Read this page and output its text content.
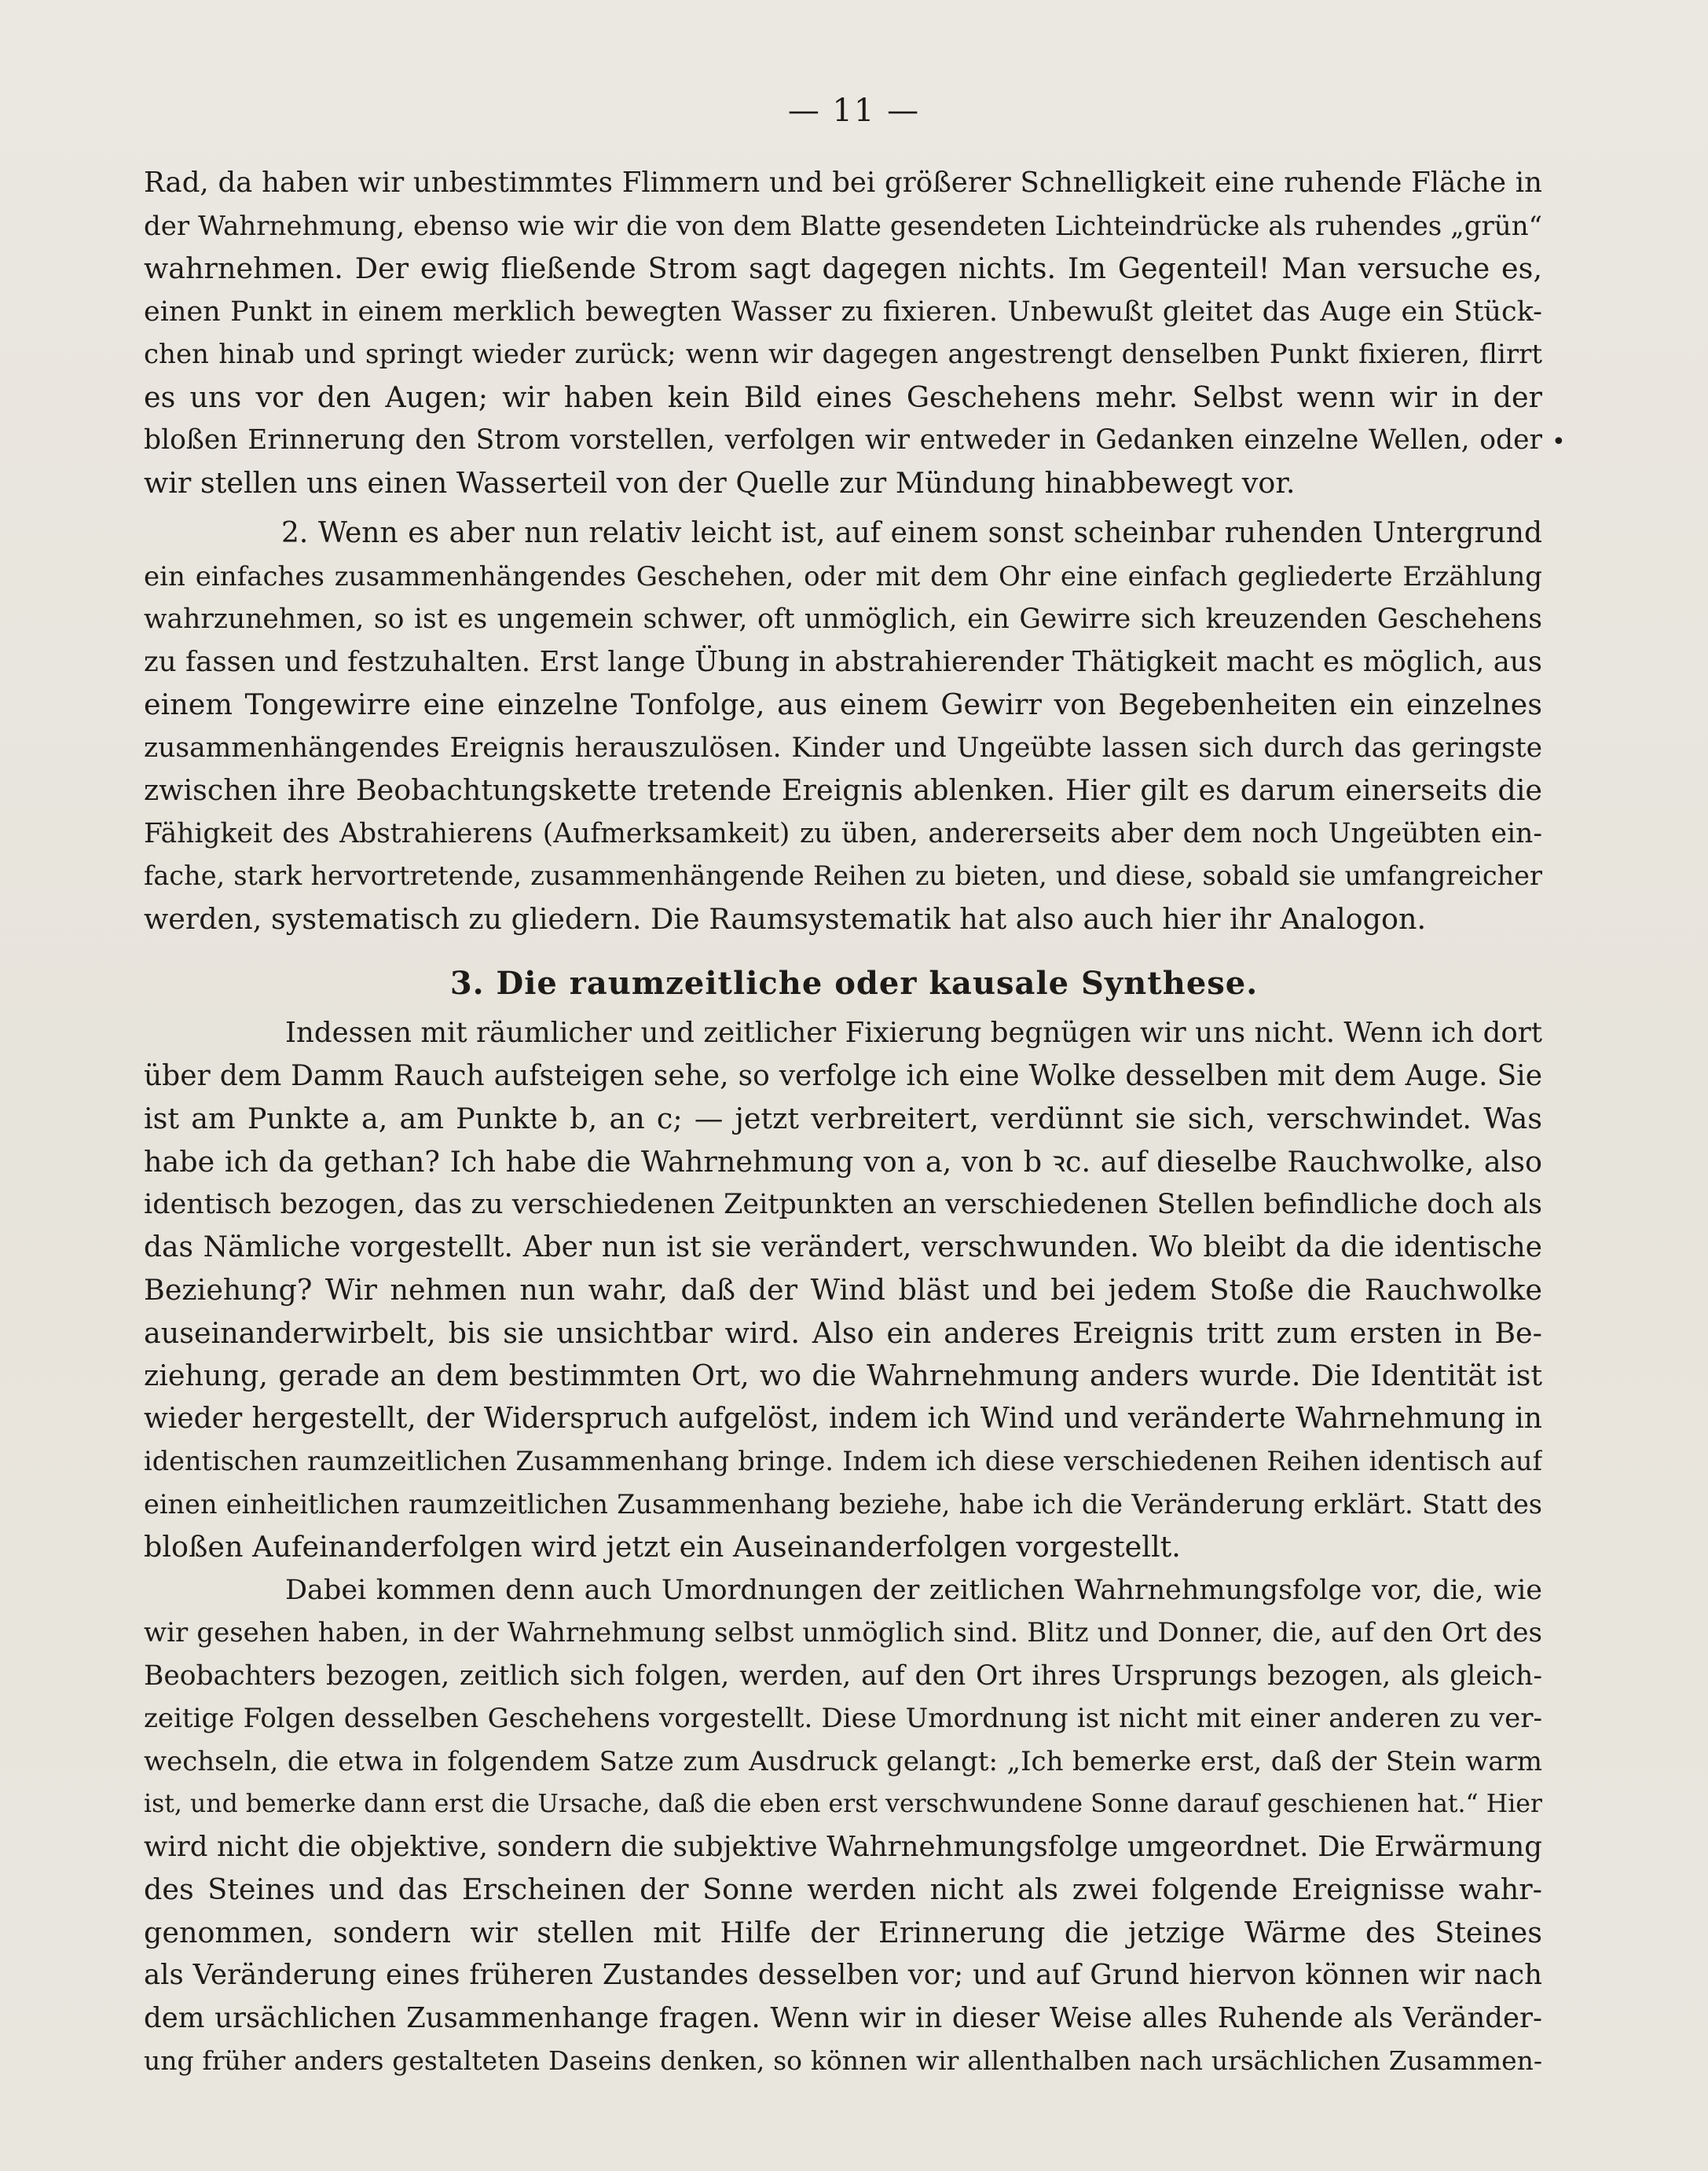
— 11 —
Rad, da haben wir unbestimmtes Flimmern und bei größerer Schnelligkeit eine ruhende Fläche in
der Wahrnehmung, ebenso wie wir die von dem Blatte gesendeten Lichteindrücke als ruhendes „grün“
wahrnehmen. Der ewig fließende Strom sagt dagegen nichts. Im Gegenteil! Man versuche es,
einen Punkt in einem merklich bewegten Wasser zu fixieren. Unbewußt gleitet das Auge ein Stück-
chen hinab und springt wieder zurück; wenn wir dagegen angestrengt denselben Punkt fixieren, flirrt
es uns vor den Augen; wir haben kein Bild eines Geschehens mehr. Selbst wenn wir in der
bloßen Erinnerung den Strom vorstellen, verfolgen wir entweder in Gedanken einzelne Wellen, oder
wir stellen uns einen Wasserteil von der Quelle zur Mündung hinabbewegt vor.
•
2. Wenn es aber nun relativ leicht ist, auf einem sonst scheinbar ruhenden Untergrund
ein einfaches zusammenhängendes Geschehen, oder mit dem Ohr eine einfach gegliederte Erzählung
wahrzunehmen, so ist es ungemein schwer, oft unmöglich, ein Gewirre sich kreuzenden Geschehens
zu fassen und festzuhalten. Erst lange Übung in abstrahierender Thätigkeit macht es möglich, aus
einem Tongewirre eine einzelne Tonfolge, aus einem Gewirr von Begebenheiten ein einzelnes
zusammenhängendes Ereignis herauszulösen. Kinder und Ungeübte lassen sich durch das geringste
zwischen ihre Beobachtungskette tretende Ereignis ablenken. Hier gilt es darum einerseits die
Fähigkeit des Abstrahierens (Aufmerksamkeit) zu üben, andererseits aber dem noch Ungeübten ein-
fache, stark hervortretende, zusammenhängende Reihen zu bieten, und diese, sobald sie umfangreicher
werden, systematisch zu gliedern. Die Raumsystematik hat also auch hier ihr Analogon.
3. Die raumzeitliche oder kausale Synthese.
Indessen mit räumlicher und zeitlicher Fixierung begnügen wir uns nicht. Wenn ich dort
über dem Damm Rauch aufsteigen sehe, so verfolge ich eine Wolke desselben mit dem Auge. Sie
ist am Punkte a, am Punkte b, an c; — jetzt verbreitert, verdünnt sie sich, verschwindet. Was
habe ich da gethan? Ich habe die Wahrnehmung von a, von b ꝛc. auf dieselbe Rauchwolke, also
identisch bezogen, das zu verschiedenen Zeitpunkten an verschiedenen Stellen befindliche doch als
das Nämliche vorgestellt. Aber nun ist sie verändert, verschwunden. Wo bleibt da die identische
Beziehung? Wir nehmen nun wahr, daß der Wind bläst und bei jedem Stoße die Rauchwolke
auseinanderwirbelt, bis sie unsichtbar wird. Also ein anderes Ereignis tritt zum ersten in Be-
ziehung, gerade an dem bestimmten Ort, wo die Wahrnehmung anders wurde. Die Identität ist
wieder hergestellt, der Widerspruch aufgelöst, indem ich Wind und veränderte Wahrnehmung in
identischen raumzeitlichen Zusammenhang bringe. Indem ich diese verschiedenen Reihen identisch auf
einen einheitlichen raumzeitlichen Zusammenhang beziehe, habe ich die Veränderung erklärt. Statt des
bloßen Aufeinanderfolgen wird jetzt ein Auseinanderfolgen vorgestellt.
Dabei kommen denn auch Umordnungen der zeitlichen Wahrnehmungsfolge vor, die, wie
wir gesehen haben, in der Wahrnehmung selbst unmöglich sind. Blitz und Donner, die, auf den Ort des
Beobachters bezogen, zeitlich sich folgen, werden, auf den Ort ihres Ursprungs bezogen, als gleich-
zeitige Folgen desselben Geschehens vorgestellt. Diese Umordnung ist nicht mit einer anderen zu ver-
wechseln, die etwa in folgendem Satze zum Ausdruck gelangt: „Ich bemerke erst, daß der Stein warm
ist, und bemerke dann erst die Ursache, daß die eben erst verschwundene Sonne darauf geschienen hat.“ Hier
wird nicht die objektive, sondern die subjektive Wahrnehmungsfolge umgeordnet. Die Erwärmung
des Steines und das Erscheinen der Sonne werden nicht als zwei folgende Ereignisse wahr-
genommen, sondern wir stellen mit Hilfe der Erinnerung die jetzige Wärme des Steines
als Veränderung eines früheren Zustandes desselben vor; und auf Grund hiervon können wir nach
dem ursächlichen Zusammenhange fragen. Wenn wir in dieser Weise alles Ruhende als Veränder-
ung früher anders gestalteten Daseins denken, so können wir allenthalben nach ursächlichen Zusammen-
